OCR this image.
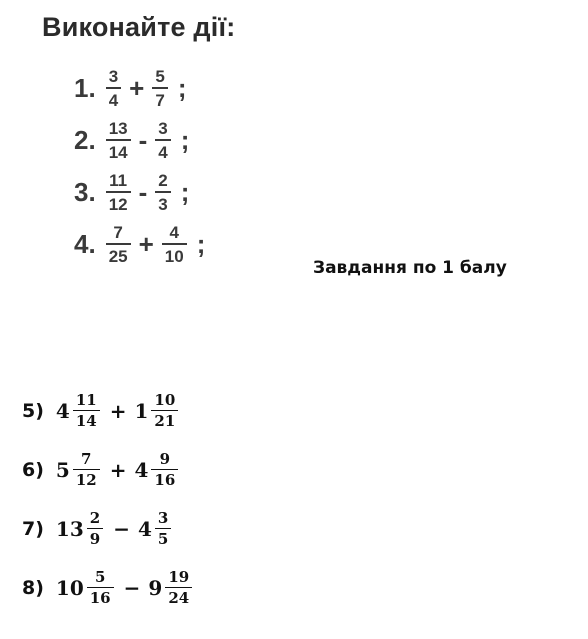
Виконайте дії:
1. $\frac{3}{4} + \frac{5}{7}$ ;
2. $\frac{13}{14} - \frac{3}{4}$ ;
3. $\frac{11}{12} - \frac{2}{3}$ ;
4. $\frac{7}{25} + \frac{4}{10}$ ;
Завдання по 1 балу
5) $4 \frac{11}{14} + 1 \frac{10}{21}$
6) $5 \frac{7}{12} + 4 \frac{9}{16}$
7) $13 \frac{2}{9} - 4 \frac{3}{5}$
8) $10 \frac{5}{16} - 9 \frac{19}{24}$
